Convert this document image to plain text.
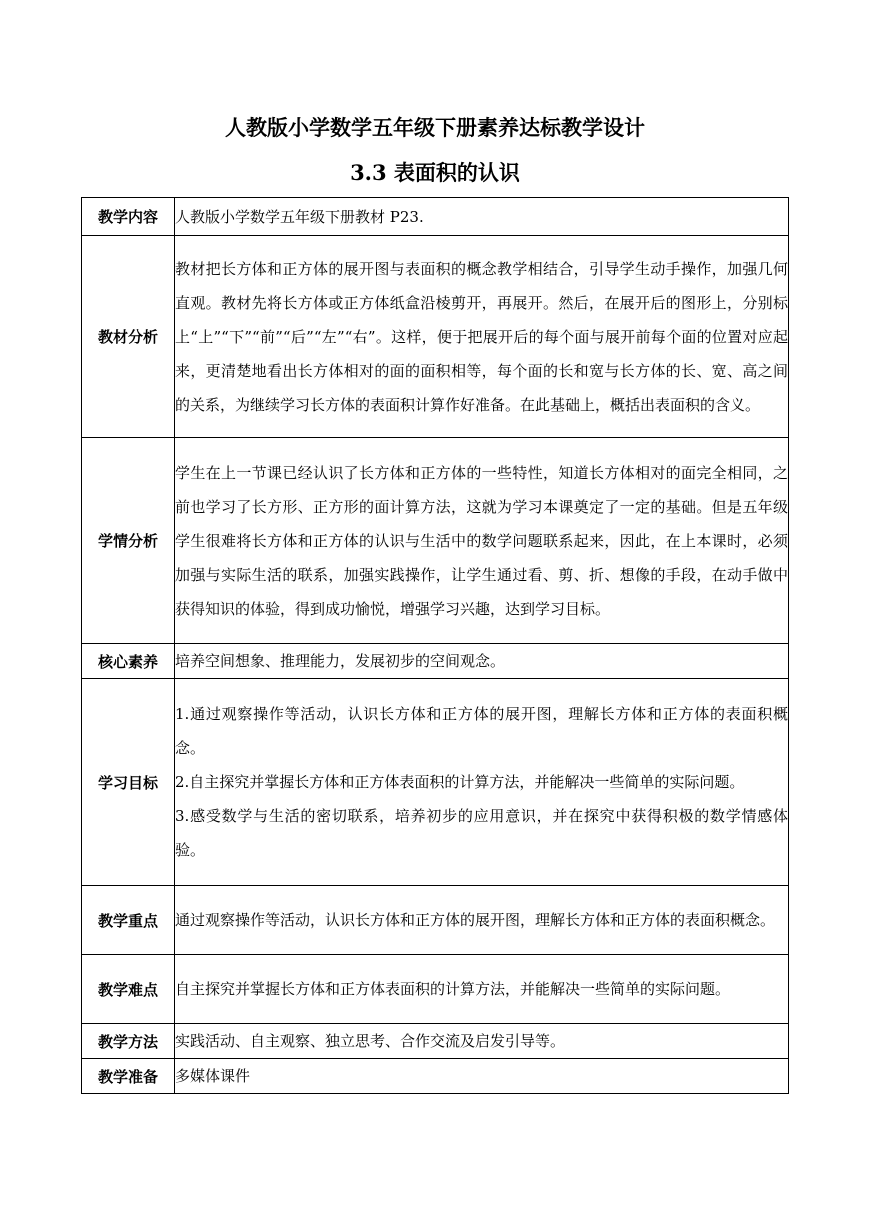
人教版小学数学五年级下册素养达标教学设计
3.3 表面积的认识
教学内容	人教版小学数学五年级下册教材 P23.

教材分析	教材把长方体和正方体的展开图与表面积的概念教学相结合，引导学生动手操作，加强几何直观。教材先将长方体或正方体纸盒沿棱剪开，再展开。然后，在展开后的图形上，分别标上“上”“下”“前”“后”“左”“右”。这样，便于把展开后的每个面与展开前每个面的位置对应起来，更清楚地看出长方体相对的面的面积相等，每个面的长和宽与长方体的长、宽、高之间的关系，为继续学习长方体的表面积计算作好准备。在此基础上，概括出表面积的含义。

学情分析	学生在上一节课已经认识了长方体和正方体的一些特性，知道长方体相对的面完全相同，之前也学习了长方形、正方形的面计算方法，这就为学习本课奠定了一定的基础。但是五年级学生很难将长方体和正方体的认识与生活中的数学问题联系起来，因此，在上本课时，必须加强与实际生活的联系，加强实践操作，让学生通过看、剪、折、想像的手段，在动手做中获得知识的体验，得到成功愉悦，增强学习兴趣，达到学习目标。

核心素养	培养空间想象、推理能力，发展初步的空间观念。

学习目标	1.通过观察操作等活动，认识长方体和正方体的展开图，理解长方体和正方体的表面积概念。

2.自主探究并掌握长方体和正方体表面积的计算方法，并能解决一些简单的实际问题。

3.感受数学与生活的密切联系，培养初步的应用意识，并在探究中获得积极的数学情感体验。

教学重点	通过观察操作等活动，认识长方体和正方体的展开图，理解长方体和正方体的表面积概念。

教学难点	自主探究并掌握长方体和正方体表面积的计算方法，并能解决一些简单的实际问题。

教学方法	实践活动、自主观察、独立思考、合作交流及启发引导等。

教学准备	多媒体课件
